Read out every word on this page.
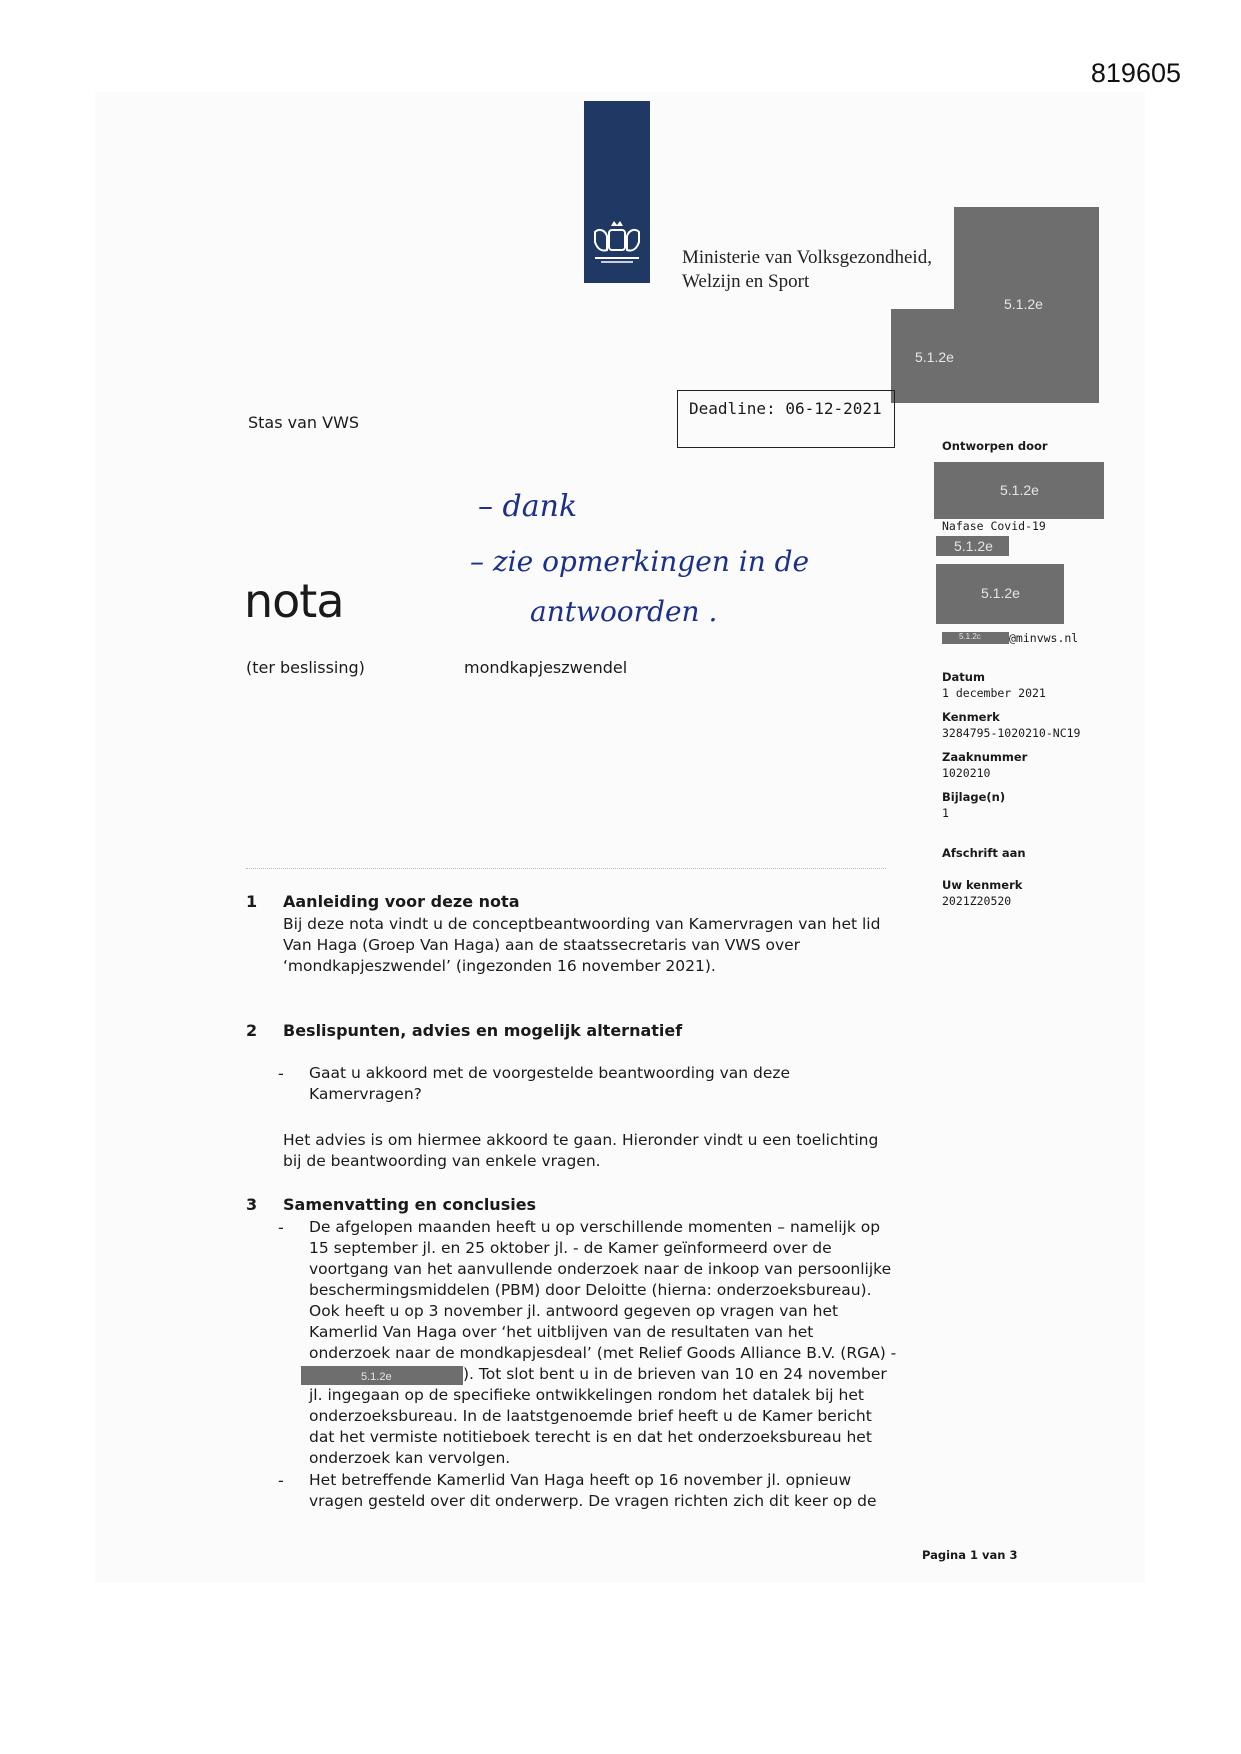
819605
Ministerie van Volksgezondheid,
Welzijn en Sport
5.1.2e
5.1.2e
Deadline: 06-12-2021
Stas van VWS
– dank
– zie opmerkingen in de
antwoorden .
nota
(ter beslissing)	mondkapjeszwendel
Ontworpen door
5.1.2e
Nafase Covid-19
5.1.2e
5.1.2e
5.1.2c @minvws.nl
Datum
1 december 2021
Kenmerk
3284795-1020210-NC19
Zaaknummer
1020210
Bijlage(n)
1
Afschrift aan
Uw kenmerk
2021Z20520
1 Aanleiding voor deze nota
Bij deze nota vindt u de conceptbeantwoording van Kamervragen van het lid
Van Haga (Groep Van Haga) aan de staatssecretaris van VWS over
‘mondkapjeszwendel’ (ingezonden 16 november 2021).
2 Beslispunten, advies en mogelijk alternatief
- Gaat u akkoord met de voorgestelde beantwoording van deze
Kamervragen?
Het advies is om hiermee akkoord te gaan. Hieronder vindt u een toelichting
bij de beantwoording van enkele vragen.
3 Samenvatting en conclusies
- De afgelopen maanden heeft u op verschillende momenten – namelijk op
15 september jl. en 25 oktober jl. - de Kamer geïnformeerd over de
voortgang van het aanvullende onderzoek naar de inkoop van persoonlijke
beschermingsmiddelen (PBM) door Deloitte (hierna: onderzoeksbureau).
Ook heeft u op 3 november jl. antwoord gegeven op vragen van het
Kamerlid Van Haga over ‘het uitblijven van de resultaten van het
onderzoek naar de mondkapjesdeal’ (met Relief Goods Alliance B.V. (RGA) -
5.1.2e	). Tot slot bent u in de brieven van 10 en 24 november
jl. ingegaan op de specifieke ontwikkelingen rondom het datalek bij het
onderzoeksbureau. In de laatstgenoemde brief heeft u de Kamer bericht
dat het vermiste notitieboek terecht is en dat het onderzoeksbureau het
onderzoek kan vervolgen.
- Het betreffende Kamerlid Van Haga heeft op 16 november jl. opnieuw
vragen gesteld over dit onderwerp. De vragen richten zich dit keer op de
Pagina 1 van 3
